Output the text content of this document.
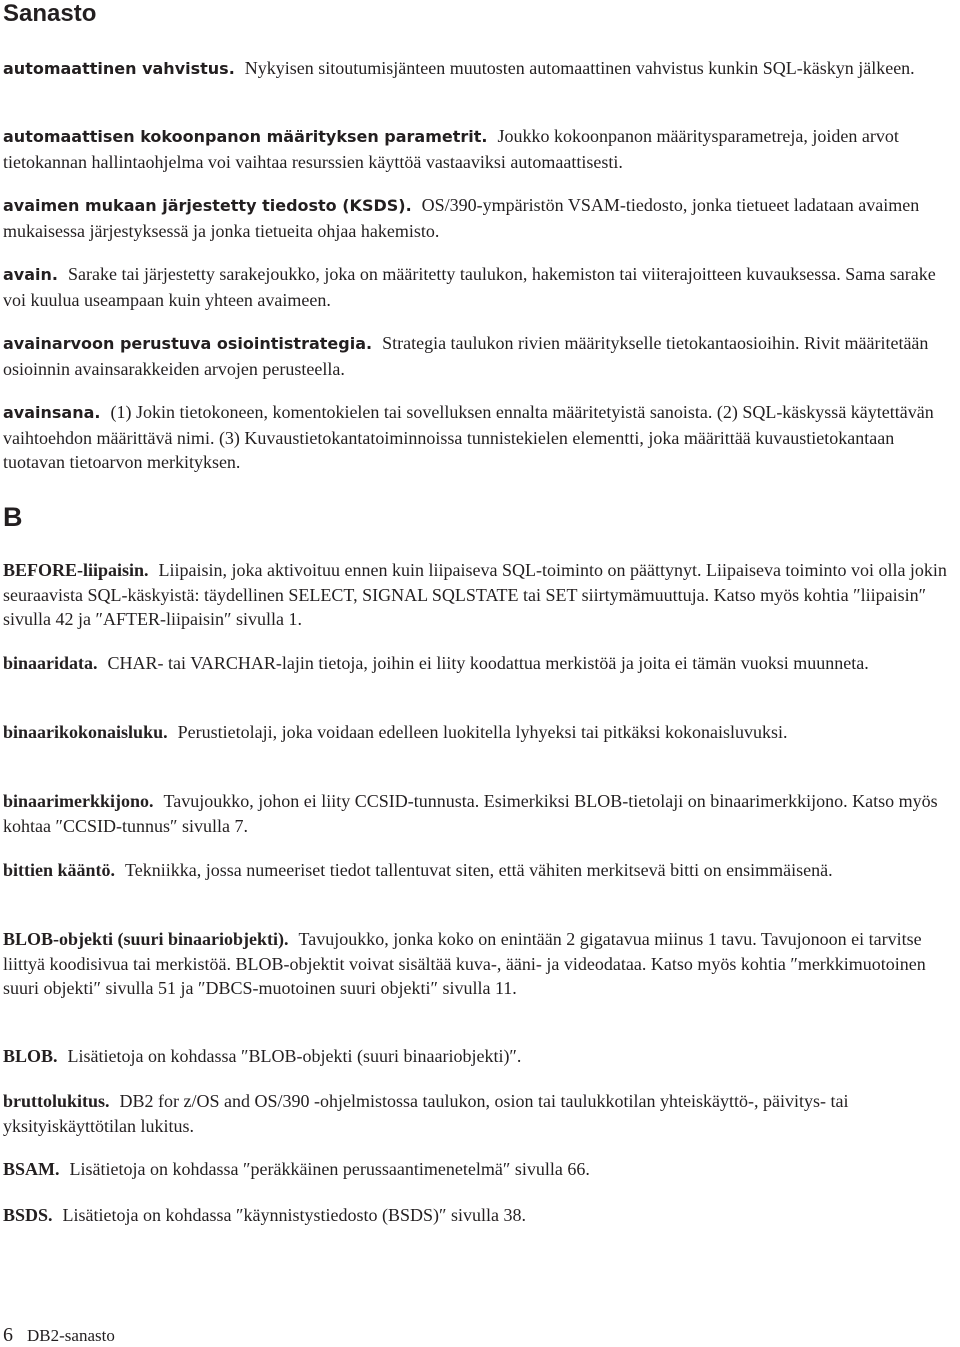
Sanasto

automaattinen vahvistus. Nykyisen sitoutumisjänteen muutosten automaattinen vahvistus kunkin SQL-käskyn jälkeen.

automaattisen kokoonpanon määrityksen parametrit. Joukko kokoonpanon määritysparametreja, joiden arvot tietokannan hallintaohjelma voi vaihtaa resurssien käyttöä vastaaviksi automaattisesti.

avaimen mukaan järjestetty tiedosto (KSDS). OS/390-ympäristön VSAM-tiedosto, jonka tietueet ladataan avaimen mukaisessa järjestyksessä ja jonka tietueita ohjaa hakemisto.

avain. Sarake tai järjestetty sarakejoukko, joka on määritetty taulukon, hakemiston tai viiterajoitteen kuvauksessa. Sama sarake voi kuulua useampaan kuin yhteen avaimeen.

avainarvoon perustuva osiointistrategia. Strategia taulukon rivien määritykselle tietokantaosioihin. Rivit määritetään osioinnin avainsarakkeiden arvojen perusteella.

avainsana. (1) Jokin tietokoneen, komentokielen tai sovelluksen ennalta määritetyistä sanoista. (2) SQL-käskyssä käytettävän vaihtoehdon määrittävä nimi. (3) Kuvaustietokantatoiminnoissa tunnistekielen elementti, joka määrittää kuvaustietokantaan tuotavan tietoarvon merkityksen.

B

BEFORE-liipaisin. Liipaisin, joka aktivoituu ennen kuin liipaiseva SQL-toiminto on päättynyt. Liipaiseva toiminto voi olla jokin seuraavista SQL-käskyistä: täydellinen SELECT, SIGNAL SQLSTATE tai SET siirtymämuuttuja. Katso myös kohtia ″liipaisin″ sivulla 42 ja ″AFTER-liipaisin″ sivulla 1.

binaaridata. CHAR- tai VARCHAR-lajin tietoja, joihin ei liity koodattua merkistöä ja joita ei tämän vuoksi muunneta.

binaarikokonaisluku. Perustietolaji, joka voidaan edelleen luokitella lyhyeksi tai pitkäksi kokonaisluvuksi.

binaarimerkkijono. Tavujoukko, johon ei liity CCSID-tunnusta. Esimerkiksi BLOB-tietolaji on binaarimerkkijono. Katso myös kohtaa ″CCSID-tunnus″ sivulla 7.

bittien kääntö. Tekniikka, jossa numeeriset tiedot tallentuvat siten, että vähiten merkitsevä bitti on ensimmäisenä.

BLOB-objekti (suuri binaariobjekti). Tavujoukko, jonka koko on enintään 2 gigatavua miinus 1 tavu. Tavujonoon ei tarvitse liittyä koodisivua tai merkistöä. BLOB-objektit voivat sisältää kuva-, ääni- ja videodataa. Katso myös kohtia ″merkkimuotoinen suuri objekti″ sivulla 51 ja ″DBCS-muotoinen suuri objekti″ sivulla 11.

BLOB. Lisätietoja on kohdassa ″BLOB-objekti (suuri binaariobjekti)″.

bruttolukitus. DB2 for z/OS and OS/390 -ohjelmistossa taulukon, osion tai taulukkotilan yhteiskäyttö-, päivitys- tai yksityiskäyttötilan lukitus.

BSAM. Lisätietoja on kohdassa ″peräkkäinen perussaantimenetelmä″ sivulla 66.

BSDS. Lisätietoja on kohdassa ″käynnistystiedosto (BSDS)″ sivulla 38.

6 DB2-sanasto
